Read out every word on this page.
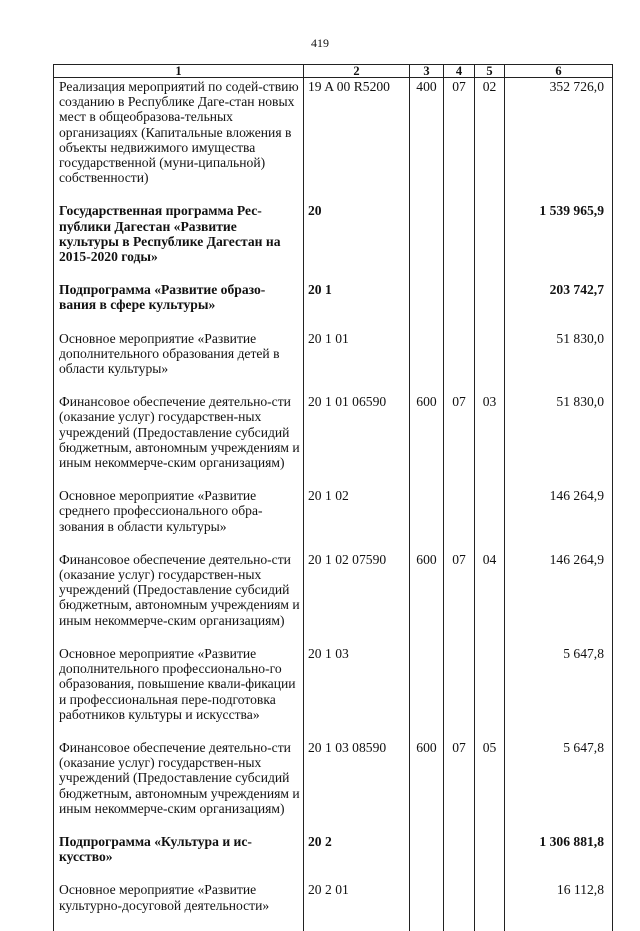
419
1	2	3	4	5	6
Реализация мероприятий по содей-ствию созданию в Республике Даге-стан новых мест в общеобразова-тельных организациях (Капитальные вложения в объекты недвижимого имущества государственной (муни-ципальной) собственности)	19 A 00 R5200	400	07	02	352 726,0
Государственная программа Рес-публики Дагестан «Развитие культуры в Республике Дагестан на 2015-2020 годы»	20				1 539 965,9
Подпрограмма «Развитие образо-вания в сфере культуры»	20 1				203 742,7
Основное мероприятие «Развитие дополнительного образования детей в области культуры»	20 1 01				51 830,0
Финансовое обеспечение деятельно-сти (оказание услуг) государствен-ных учреждений (Предоставление субсидий бюджетным, автономным учреждениям и иным некоммерче-ским организациям)	20 1 01 06590	600	07	03	51 830,0
Основное мероприятие «Развитие среднего профессионального обра-зования в области культуры»	20 1 02				146 264,9
Финансовое обеспечение деятельно-сти (оказание услуг) государствен-ных учреждений (Предоставление субсидий бюджетным, автономным учреждениям и иным некоммерче-ским организациям)	20 1 02 07590	600	07	04	146 264,9
Основное мероприятие «Развитие дополнительного профессионально-го образования, повышение квали-фикации и профессиональная пере-подготовка работников культуры и искусства»	20 1 03				5 647,8
Финансовое обеспечение деятельно-сти (оказание услуг) государствен-ных учреждений (Предоставление субсидий бюджетным, автономным учреждениям и иным некоммерче-ским организациям)	20 1 03 08590	600	07	05	5 647,8
Подпрограмма «Культура и ис-кусство»	20 2				1 306 881,8
Основное мероприятие «Развитие культурно-досуговой деятельности»	20 2 01				16 112,8
